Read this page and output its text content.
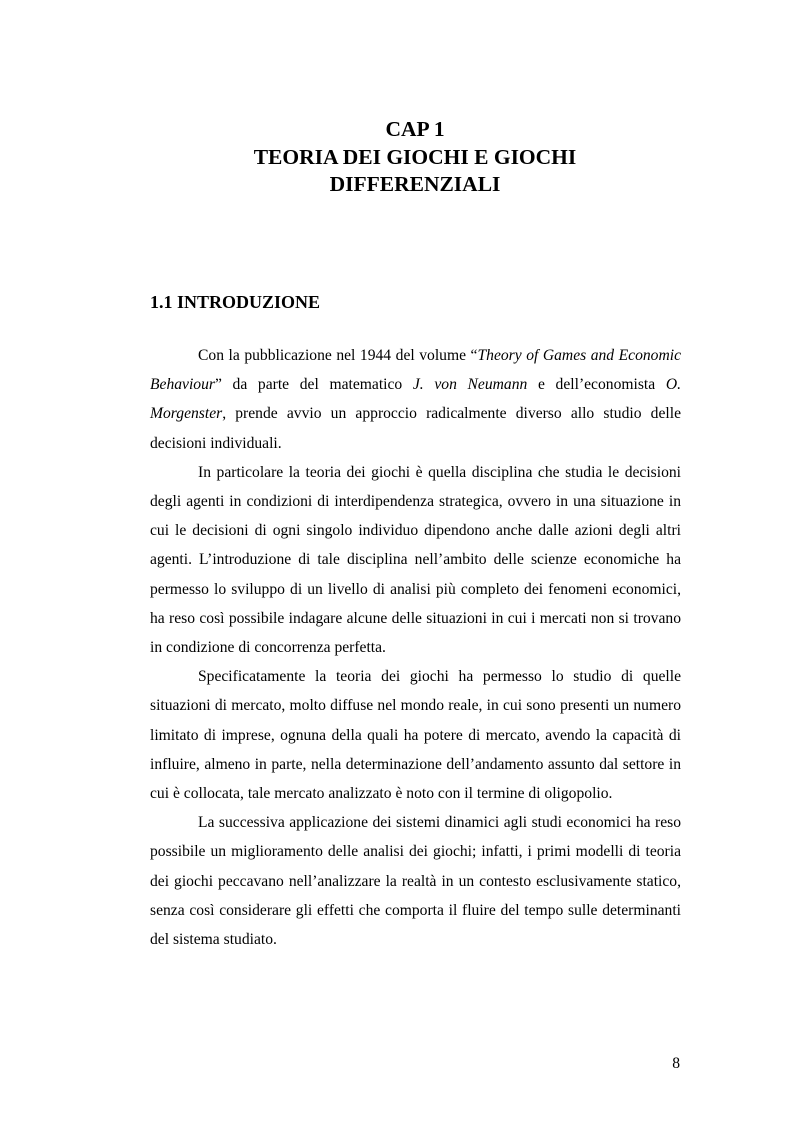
CAP 1
TEORIA DEI GIOCHI E GIOCHI
DIFFERENZIALI
1.1 INTRODUZIONE

Con la pubblicazione nel 1944 del volume “Theory of Games and Economic Behaviour” da parte del matematico J. von Neumann e dell’economista O. Morgenster, prende avvio un approccio radicalmente diverso allo studio delle decisioni individuali.

In particolare la teoria dei giochi è quella disciplina che studia le decisioni degli agenti in condizioni di interdipendenza strategica, ovvero in una situazione in cui le decisioni di ogni singolo individuo dipendono anche dalle azioni degli altri agenti. L’introduzione di tale disciplina nell’ambito delle scienze economiche ha permesso lo sviluppo di un livello di analisi più completo dei fenomeni economici, ha reso così possibile indagare alcune delle situazioni in cui i mercati non si trovano in condizione di concorrenza perfetta.

Specificatamente la teoria dei giochi ha permesso lo studio di quelle situazioni di mercato, molto diffuse nel mondo reale, in cui sono presenti un numero limitato di imprese, ognuna della quali ha potere di mercato, avendo la capacità di influire, almeno in parte, nella determinazione dell’andamento assunto dal settore in cui è collocata, tale mercato analizzato è noto con il termine di oligopolio.

La successiva applicazione dei sistemi dinamici agli studi economici ha reso possibile un miglioramento delle analisi dei giochi; infatti, i primi modelli di teoria dei giochi peccavano nell’analizzare la realtà in un contesto esclusivamente statico, senza così considerare gli effetti che comporta il fluire del tempo sulle determinanti del sistema studiato.

8
